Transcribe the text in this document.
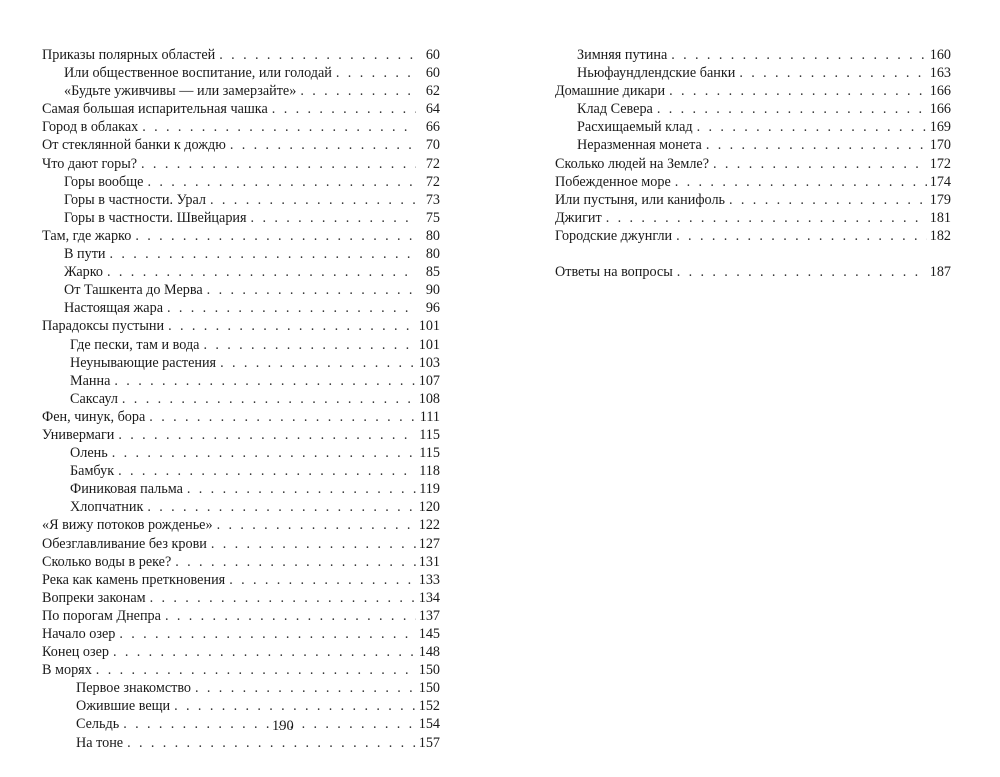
Приказы полярных областей . . .	60
Или общественное воспитание, или голодай . . .	60
«Будьте уживчивы — или замерзайте» . . .	62
Самая большая испарительная чашка . . .	64
Город в облаках . . .	66
От стеклянной банки к дождю . . .	70
Что дают горы? . . .	72
Горы вообще . . .	72
Горы в частности. Урал . . .	73
Горы в частности. Швейцария . . .	75
Там, где жарко . . .	80
В пути . . .	80
Жарко . . .	85
От Ташкента до Мерва . . .	90
Настоящая жара . . .	96
Парадоксы пустыни . . .	101
Где пески, там и вода . . .	101
Неунывающие растения . . .	103
Манна . . .	107
Саксаул . . .	108
Фен, чинук, бора . . .	111
Универмаги . . .	115
Олень . . .	115
Бамбук . . .	118
Финиковая пальма . . .	119
Хлопчатник . . .	120
«Я вижу потоков рожденье» . . .	122
Обезглавливание без крови . . .	127
Сколько воды в реке? . . .	131
Река как камень преткновения . . .	133
Вопреки законам . . .	134
По порогам Днепра . . .	137
Начало озер . . .	145
Конец озер . . .	148
В морях . . .	150
Первое знакомство . . .	150
Ожившие вещи . . .	152
Сельдь . . .	154
На тоне . . .	157
190
Зимняя путина . . .	160
Ньюфаундлендские банки . . .	163
Домашние дикари . . .	166
Клад Севера . . .	166
Расхищаемый клад . . .	169
Неразменная монета . . .	170
Сколько людей на Земле? . . .	172
Побежденное море . . .	174
Или пустыня, или канифоль . . .	179
Джигит . . .	181
Городские джунгли . . .	182
Ответы на вопросы . . .	187
